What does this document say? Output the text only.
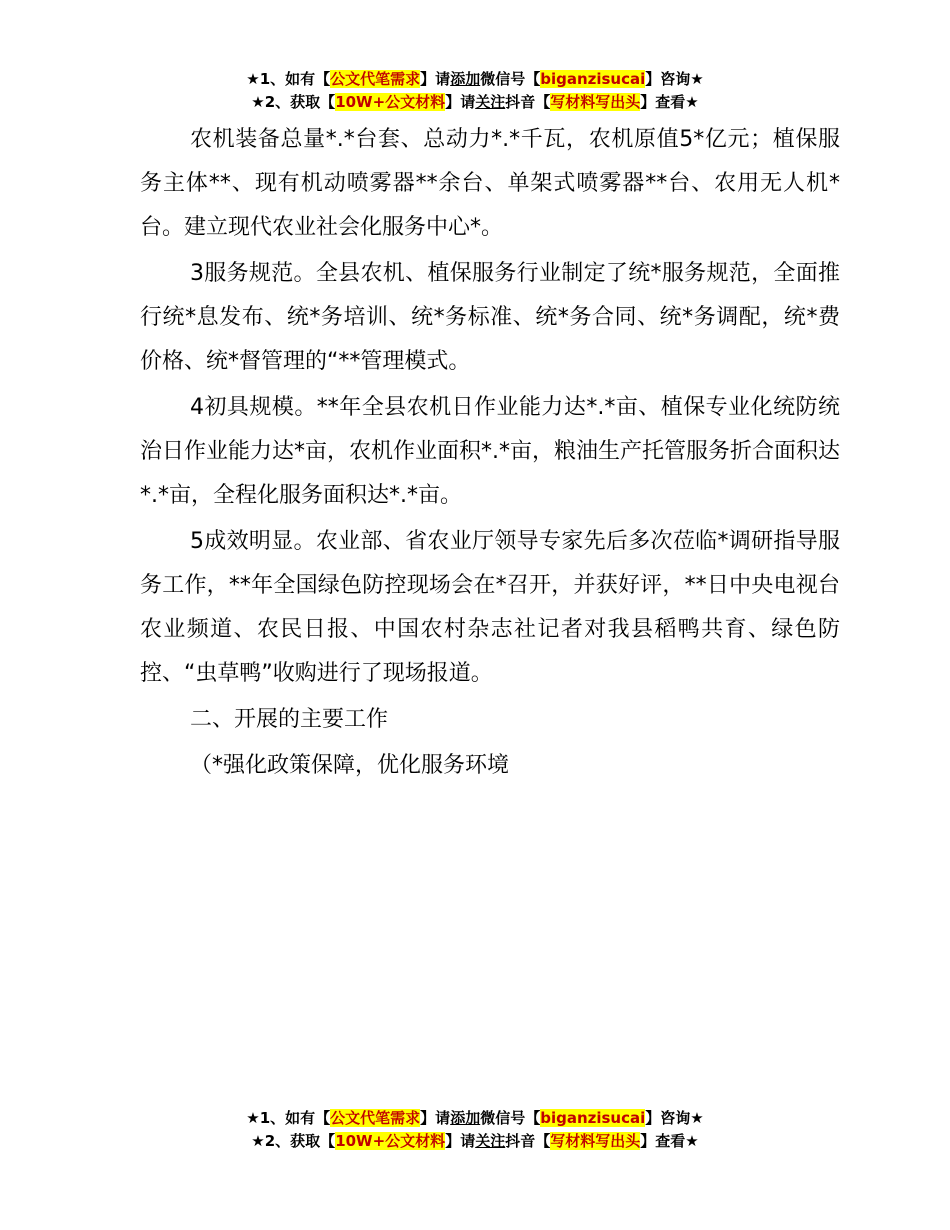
★1、如有【公文代笔需求】请添加微信号【biganzisucai】咨询★
★2、获取【10W+公文材料】请关注抖音【写材料写出头】查看★

农机装备总量*.*台套、总动力*.*千瓦，农机原值5*亿元；植保服务主体**、现有机动喷雾器**余台、单架式喷雾器**台、农用无人机*台。建立现代农业社会化服务中心*。

3服务规范。全县农机、植保服务行业制定了统*服务规范，全面推行统*息发布、统*务培训、统*务标准、统*务合同、统*务调配，统*费价格、统*督管理的“**管理模式。

4初具规模。**年全县农机日作业能力达*.*亩、植保专业化统防统治日作业能力达*亩，农机作业面积*.*亩，粮油生产托管服务折合面积达*.*亩，全程化服务面积达*.*亩。

5成效明显。农业部、省农业厅领导专家先后多次莅临*调研指导服务工作，**年全国绿色防控现场会在*召开，并获好评，**日中央电视台农业频道、农民日报、中国农村杂志社记者对我县稻鸭共育、绿色防控、“虫草鸭”收购进行了现场报道。

二、开展的主要工作

（*强化政策保障，优化服务环境

★1、如有【公文代笔需求】请添加微信号【biganzisucai】咨询★
★2、获取【10W+公文材料】请关注抖音【写材料写出头】查看★
